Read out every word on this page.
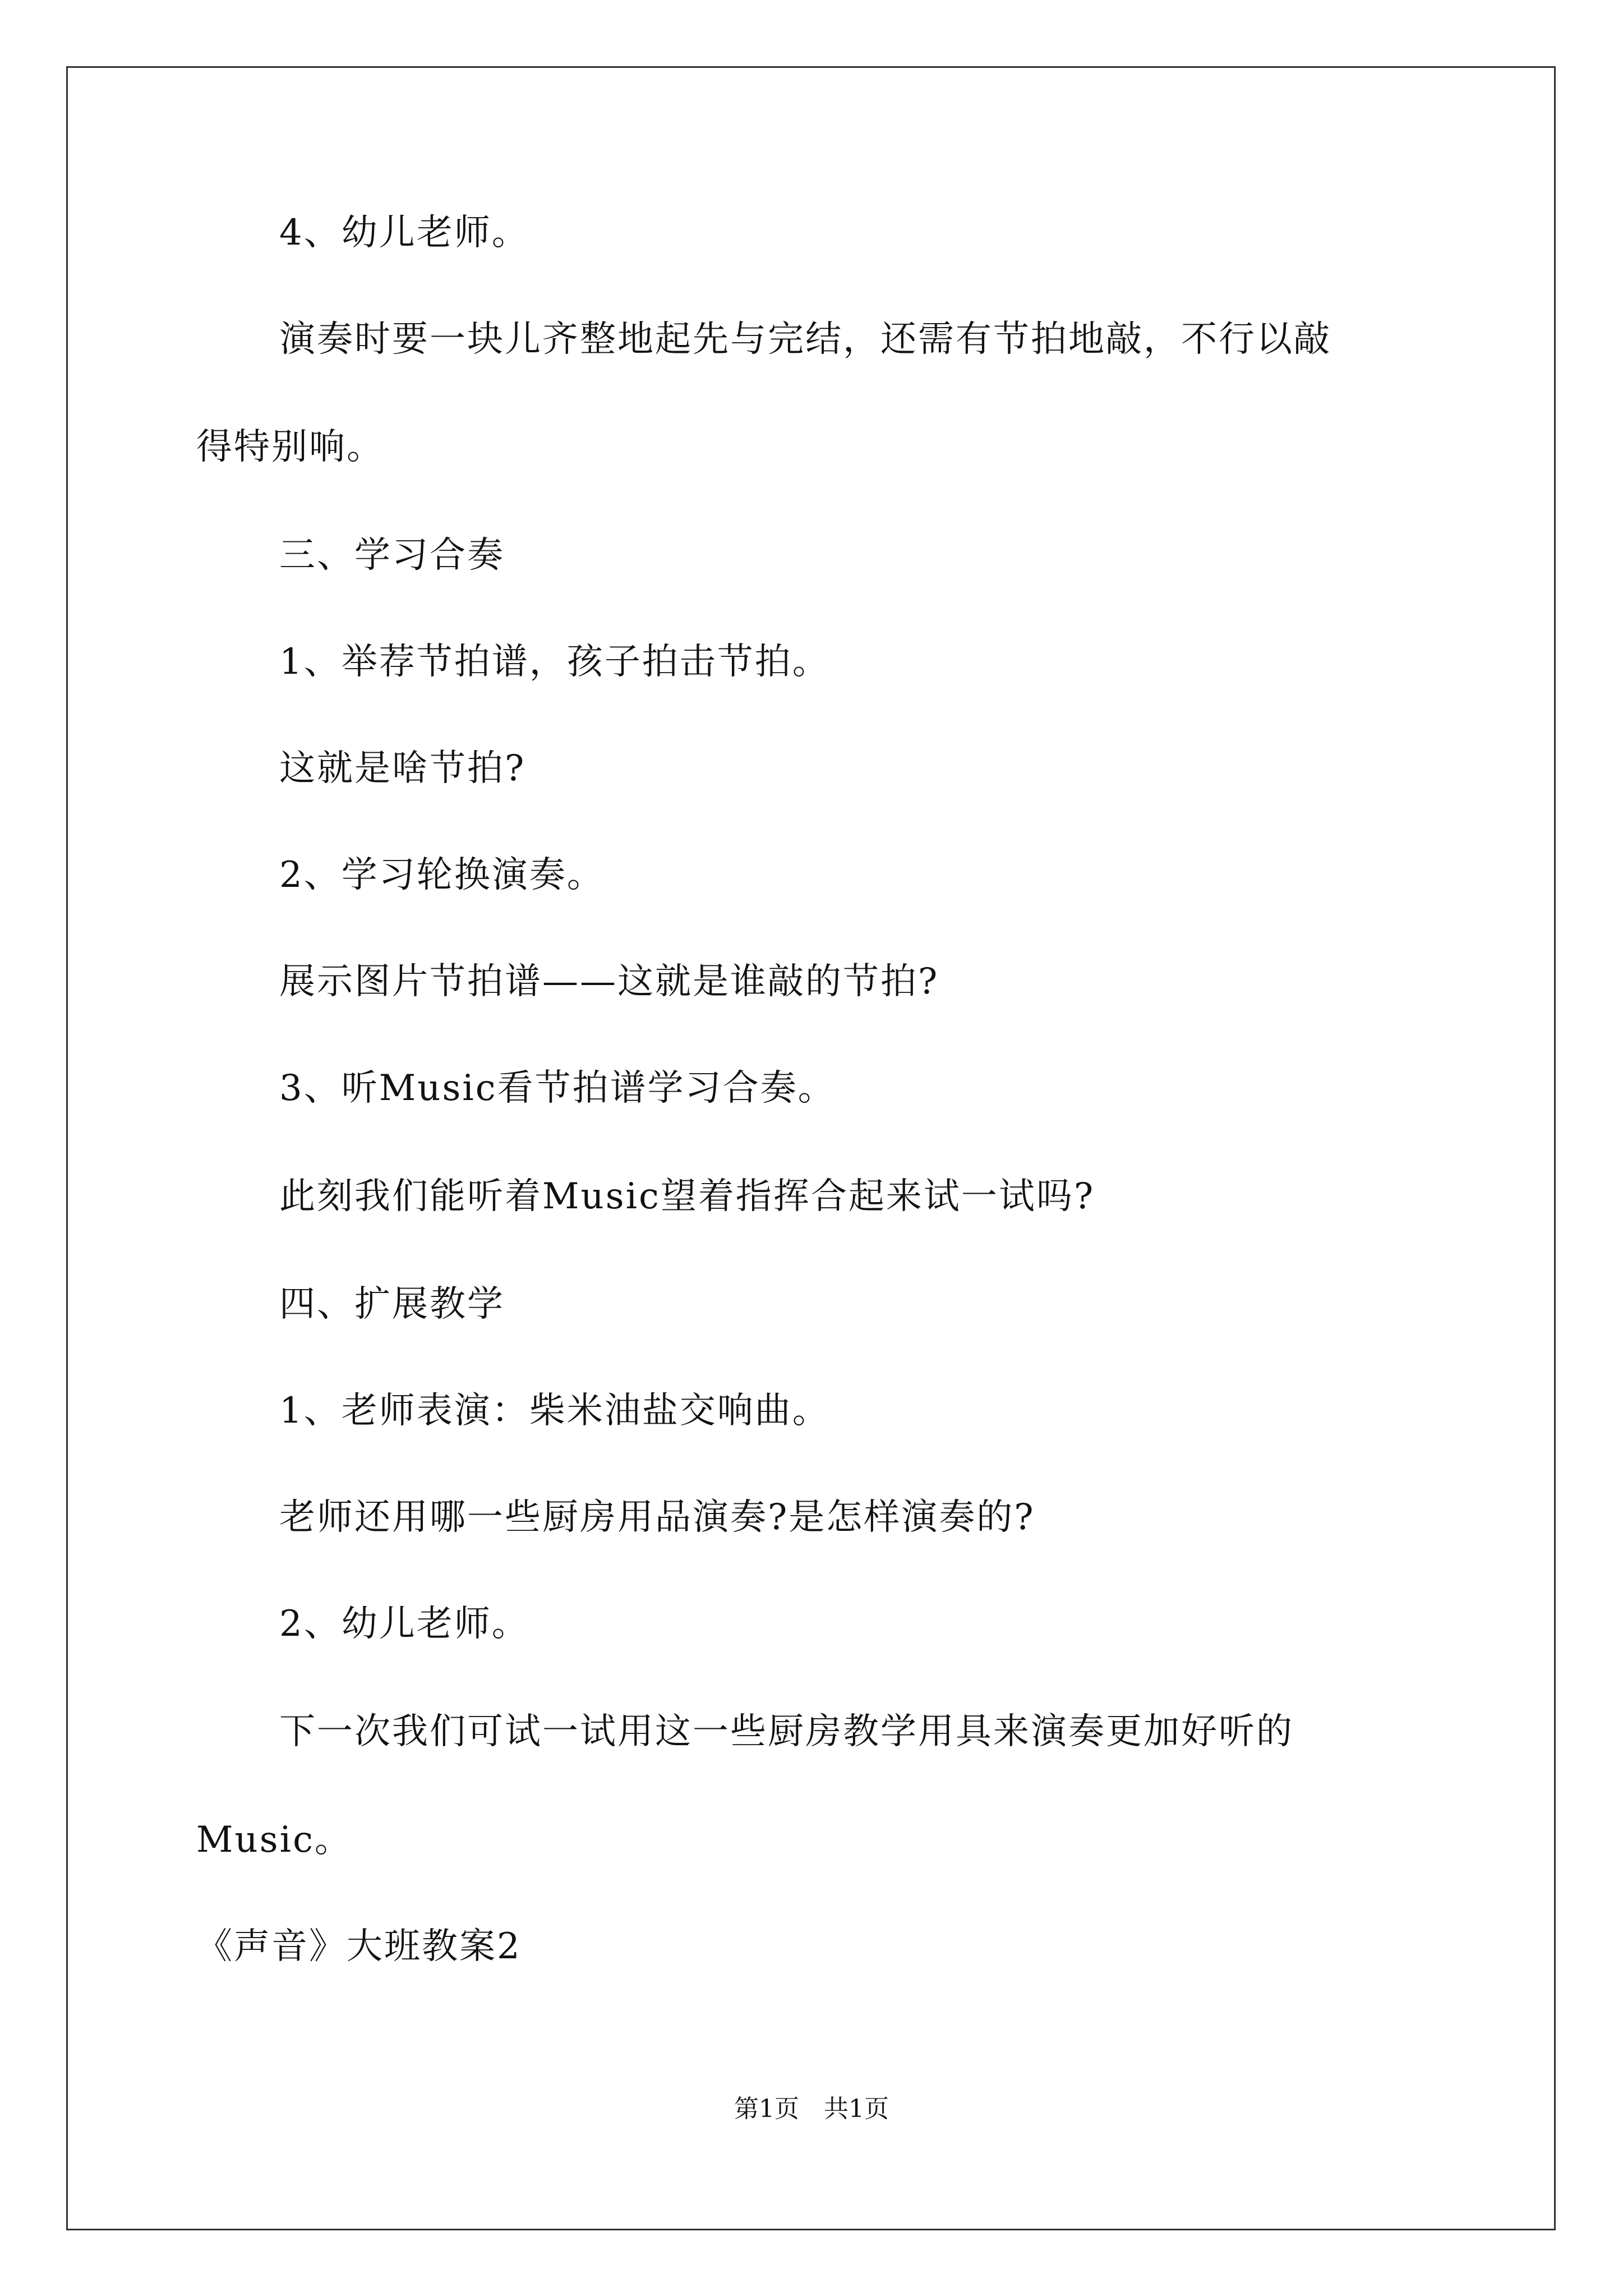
4、幼儿老师。
演奏时要一块儿齐整地起先与完结，还需有节拍地敲，不行以敲
得特别响。
三、学习合奏
1、举荐节拍谱，孩子拍击节拍。
这就是啥节拍?
2、学习轮换演奏。
展示图片节拍谱——这就是谁敲的节拍?
3、听Music看节拍谱学习合奏。
此刻我们能听着Music望着指挥合起来试一试吗?
四、扩展教学
1、老师表演：柴米油盐交响曲。
老师还用哪一些厨房用品演奏?是怎样演奏的?
2、幼儿老师。
下一次我们可试一试用这一些厨房教学用具来演奏更加好听的
Music。
《声音》大班教案2
第1页　共1页
